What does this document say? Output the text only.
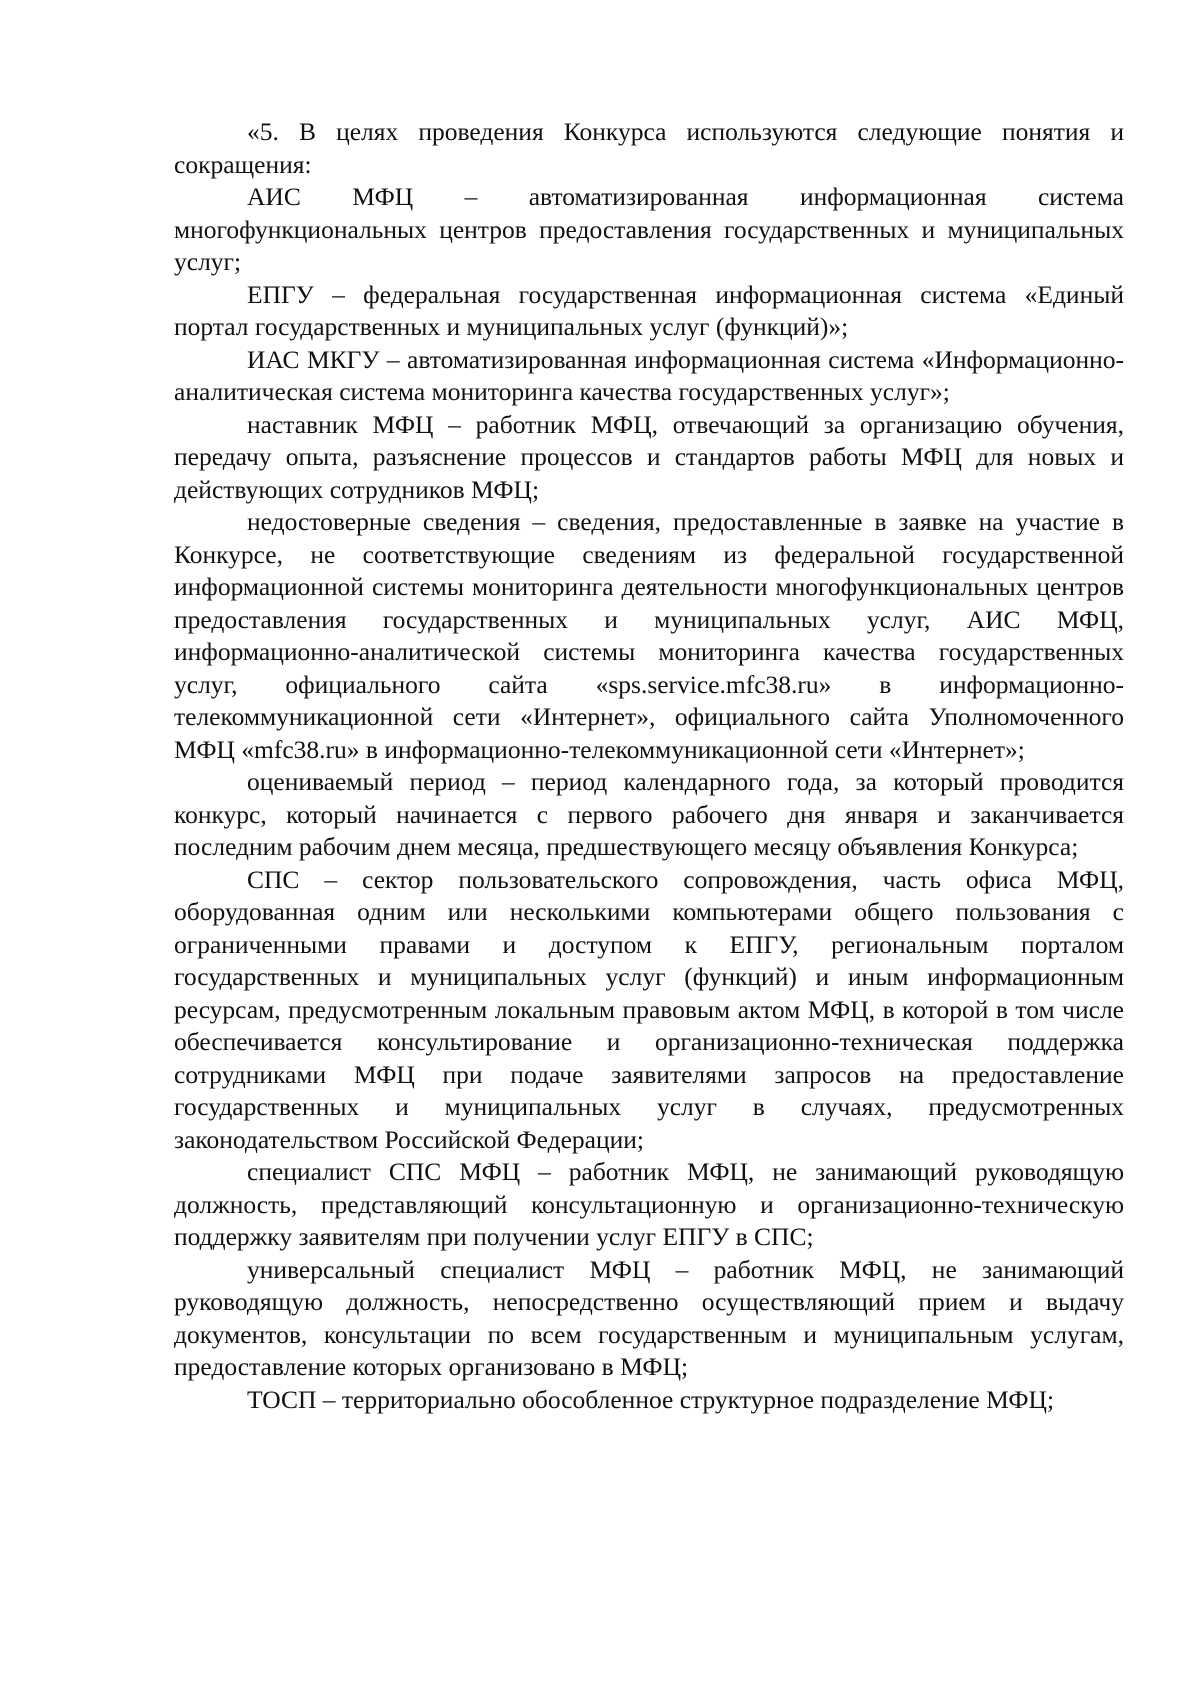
«5. В целях проведения Конкурса используются следующие понятия и сокращения:

АИС МФЦ – автоматизированная информационная система многофункциональных центров предоставления государственных и муниципальных услуг;

ЕПГУ – федеральная государственная информационная система «Единый портал государственных и муниципальных услуг (функций)»;

ИАС МКГУ – автоматизированная информационная система «Информационно-аналитическая система мониторинга качества государственных услуг»;

наставник МФЦ – работник МФЦ, отвечающий за организацию обучения, передачу опыта, разъяснение процессов и стандартов работы МФЦ для новых и действующих сотрудников МФЦ;

недостоверные сведения – сведения, предоставленные в заявке на участие в Конкурсе, не соответствующие сведениям из федеральной государственной информационной системы мониторинга деятельности многофункциональных центров предоставления государственных и муниципальных услуг, АИС МФЦ, информационно-аналитической системы мониторинга качества государственных услуг, официального сайта «sps.service.mfc38.ru» в информационно-телекоммуникационной сети «Интернет», официального сайта Уполномоченного МФЦ «mfc38.ru» в информационно-телекоммуникационной сети «Интернет»;

оцениваемый период – период календарного года, за который проводится конкурс, который начинается с первого рабочего дня января и заканчивается последним рабочим днем месяца, предшествующего месяцу объявления Конкурса;

СПС – сектор пользовательского сопровождения, часть офиса МФЦ, оборудованная одним или несколькими компьютерами общего пользования с ограниченными правами и доступом к ЕПГУ, региональным порталом государственных и муниципальных услуг (функций) и иным информационным ресурсам, предусмотренным локальным правовым актом МФЦ, в которой в том числе обеспечивается консультирование и организационно-техническая поддержка сотрудниками МФЦ при подаче заявителями запросов на предоставление государственных и муниципальных услуг в случаях, предусмотренных законодательством Российской Федерации;

специалист СПС МФЦ – работник МФЦ, не занимающий руководящую должность, представляющий консультационную и организационно-техническую поддержку заявителям при получении услуг ЕПГУ в СПС;

универсальный специалист МФЦ – работник МФЦ, не занимающий руководящую должность, непосредственно осуществляющий прием и выдачу документов, консультации по всем государственным и муниципальным услугам, предоставление которых организовано в МФЦ;

ТОСП – территориально обособленное структурное подразделение МФЦ;
